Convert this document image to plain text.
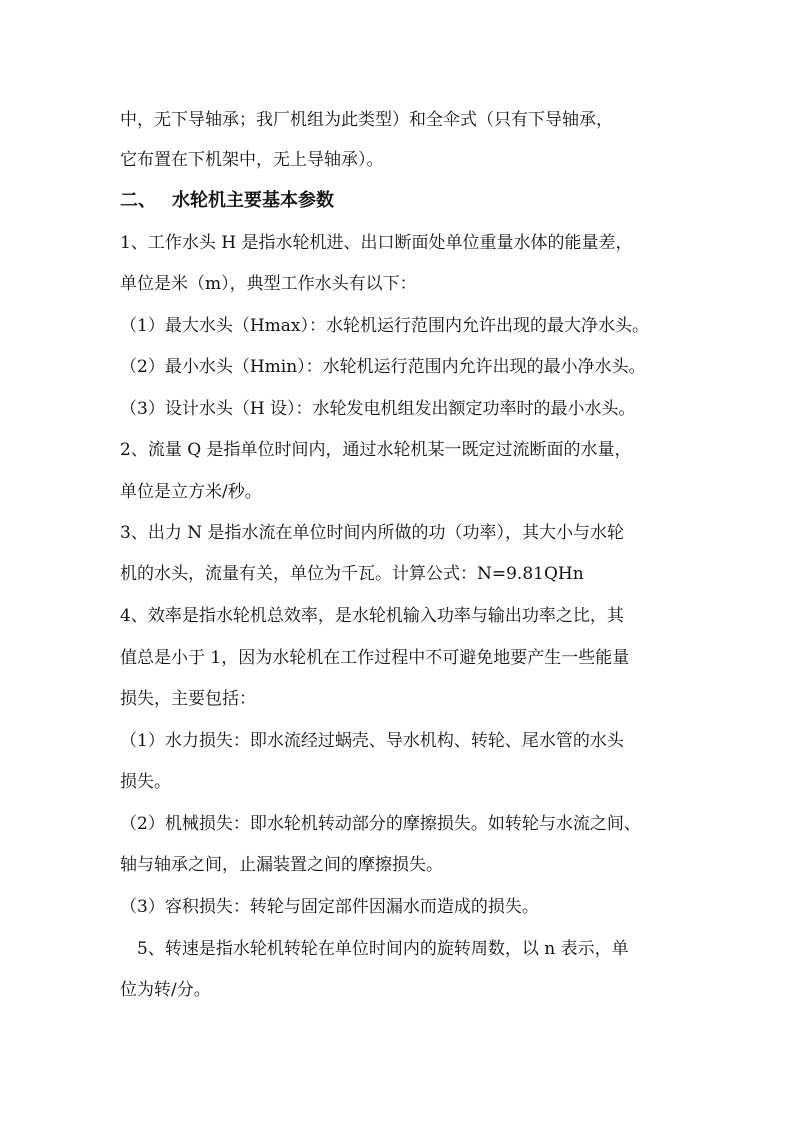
中，无下导轴承；我厂机组为此类型）和全伞式（只有下导轴承，
它布置在下机架中，无上导轴承）。
二、 水轮机主要基本参数
1、工作水头 H 是指水轮机进、出口断面处单位重量水体的能量差，
单位是米（m），典型工作水头有以下：
（1）最大水头（Hmax）：水轮机运行范围内允许出现的最大净水头。
（2）最小水头（Hmin）：水轮机运行范围内允许出现的最小净水头。
（3）设计水头（H 设）：水轮发电机组发出额定功率时的最小水头。
2、流量 Q 是指单位时间内，通过水轮机某一既定过流断面的水量，
单位是立方米/秒。
3、出力 N 是指水流在单位时间内所做的功（功率），其大小与水轮
机的水头，流量有关，单位为千瓦。计算公式：N=9.81QHn
4、效率是指水轮机总效率，是水轮机输入功率与输出功率之比，其
值总是小于 1，因为水轮机在工作过程中不可避免地要产生一些能量
损失，主要包括：
（1）水力损失：即水流经过蜗壳、导水机构、转轮、尾水管的水头
损失。
（2）机械损失：即水轮机转动部分的摩擦损失。如转轮与水流之间、
轴与轴承之间，止漏装置之间的摩擦损失。
（3）容积损失：转轮与固定部件因漏水而造成的损失。
5、转速是指水轮机转轮在单位时间内的旋转周数，以 n 表示，单
位为转/分。
